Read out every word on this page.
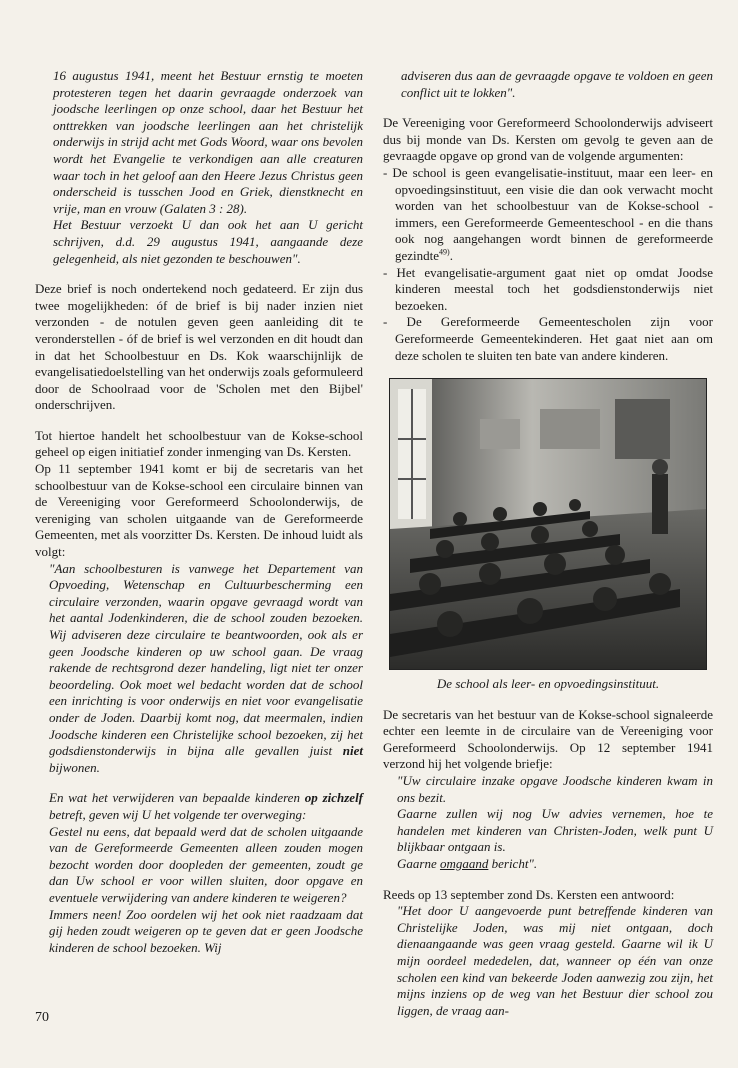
16 augustus 1941, meent het Bestuur ernstig te moeten protesteren tegen het daarin gevraagde onderzoek van joodsche leerlingen op onze school, daar het Bestuur het onttrekken van joodsche leerlingen aan het christelijk onderwijs in strijd acht met Gods Woord, waar ons bevolen wordt het Evangelie te verkondigen aan alle creaturen waar toch in het geloof aan den Heere Jezus Christus geen onderscheid is tusschen Jood en Griek, dienstknecht en vrije, man en vrouw (Galaten 3 : 28).

Het Bestuur verzoekt U dan ook het aan U gericht schrijven, d.d. 29 augustus 1941, aangaande deze gelegenheid, als niet gezonden te beschouwen".

Deze brief is noch ondertekend noch gedateerd. Er zijn dus twee mogelijkheden: óf de brief is bij nader inzien niet verzonden - de notulen geven geen aanleiding dit te veronderstellen - óf de brief is wel verzonden en dit houdt dan in dat het Schoolbestuur en Ds. Kok waarschijnlijk de evangelisatiedoelstelling van het onderwijs zoals geformuleerd door de Schoolraad voor de 'Scholen met den Bijbel' onderschrijven.

Tot hiertoe handelt het schoolbestuur van de Kokse-school geheel op eigen initiatief zonder inmenging van Ds. Kersten.

Op 11 september 1941 komt er bij de secretaris van het schoolbestuur van de Kokse-school een circulaire binnen van de Vereeniging voor Gereformeerd Schoolonderwijs, de vereniging van scholen uitgaande van de Gereformeerde Gemeenten, met als voorzitter Ds. Kersten. De inhoud luidt als volgt:

"Aan schoolbesturen is vanwege het Departement van Opvoeding, Wetenschap en Cultuurbescherming een circulaire verzonden, waarin opgave gevraagd wordt van het aantal Jodenkinderen, die de school zouden bezoeken. Wij adviseren deze circulaire te beantwoorden, ook als er geen Joodsche kinderen op uw school gaan. De vraag rakende de rechtsgrond dezer handeling, ligt niet ter onzer beoordeling. Ook moet wel bedacht worden dat de school een inrichting is voor onderwijs en niet voor evangelisatie onder de Joden. Daarbij komt nog, dat meermalen, indien Joodsche kinderen een Christelijke school bezoeken, zij het godsdienstonderwijs in bijna alle gevallen juist niet bijwonen.

En wat het verwijderen van bepaalde kinderen op zichzelf betreft, geven wij U het volgende ter overweging:

Gestel nu eens, dat bepaald werd dat de scholen uitgaande van de Gereformeerde Gemeenten alleen zouden mogen bezocht worden door doopleden der gemeenten, zoudt ge dan Uw school er voor willen sluiten, door opgave en eventuele verwijdering van andere kinderen te weigeren?

Immers neen! Zoo oordelen wij het ook niet raadzaam dat gij heden zoudt weigeren op te geven dat er geen Joodsche kinderen de school bezoeken. Wij

adviseren dus aan de gevraagde opgave te voldoen en geen conflict uit te lokken".

De Vereeniging voor Gereformeerd Schoolonderwijs adviseert dus bij monde van Ds. Kersten om gevolg te geven aan de gevraagde opgave op grond van de volgende argumenten:

- De school is geen evangelisatie-instituut, maar een leer- en opvoedingsinstituut, een visie die dan ook verwacht mocht worden van het schoolbestuur van de Kokse-school - immers, een Gereformeerde Gemeenteschool - en die thans ook nog aangehangen wordt binnen de gereformeerde gezindte$^{49)}$.
- Het evangelisatie-argument gaat niet op omdat Joodse kinderen meestal toch het godsdienstonderwijs niet bezoeken.
- De Gereformeerde Gemeentescholen zijn voor Gereformeerde Gemeentekinderen. Het gaat niet aan om deze scholen te sluiten ten bate van andere kinderen.

De school als leer- en opvoedingsinstituut.

De secretaris van het bestuur van de Kokse-school signaleerde echter een leemte in de circulaire van de Vereeniging voor Gereformeerd Schoolonderwijs. Op 12 september 1941 verzond hij het volgende briefje:

"Uw circulaire inzake opgave Joodsche kinderen kwam in ons bezit.

Gaarne zullen wij nog Uw advies vernemen, hoe te handelen met kinderen van Christen-Joden, welk punt U blijkbaar ontgaan is.

Gaarne omgaand bericht".

Reeds op 13 september zond Ds. Kersten een antwoord:

"Het door U aangevoerde punt betreffende kinderen van Christelijke Joden, was mij niet ontgaan, doch dienaangaande was geen vraag gesteld. Gaarne wil ik U mijn oordeel mededelen, dat, wanneer op één van onze scholen een kind van bekeerde Joden aanwezig zou zijn, het mijns inziens op de weg van het Bestuur dier school zou liggen, de vraag aan-

70
